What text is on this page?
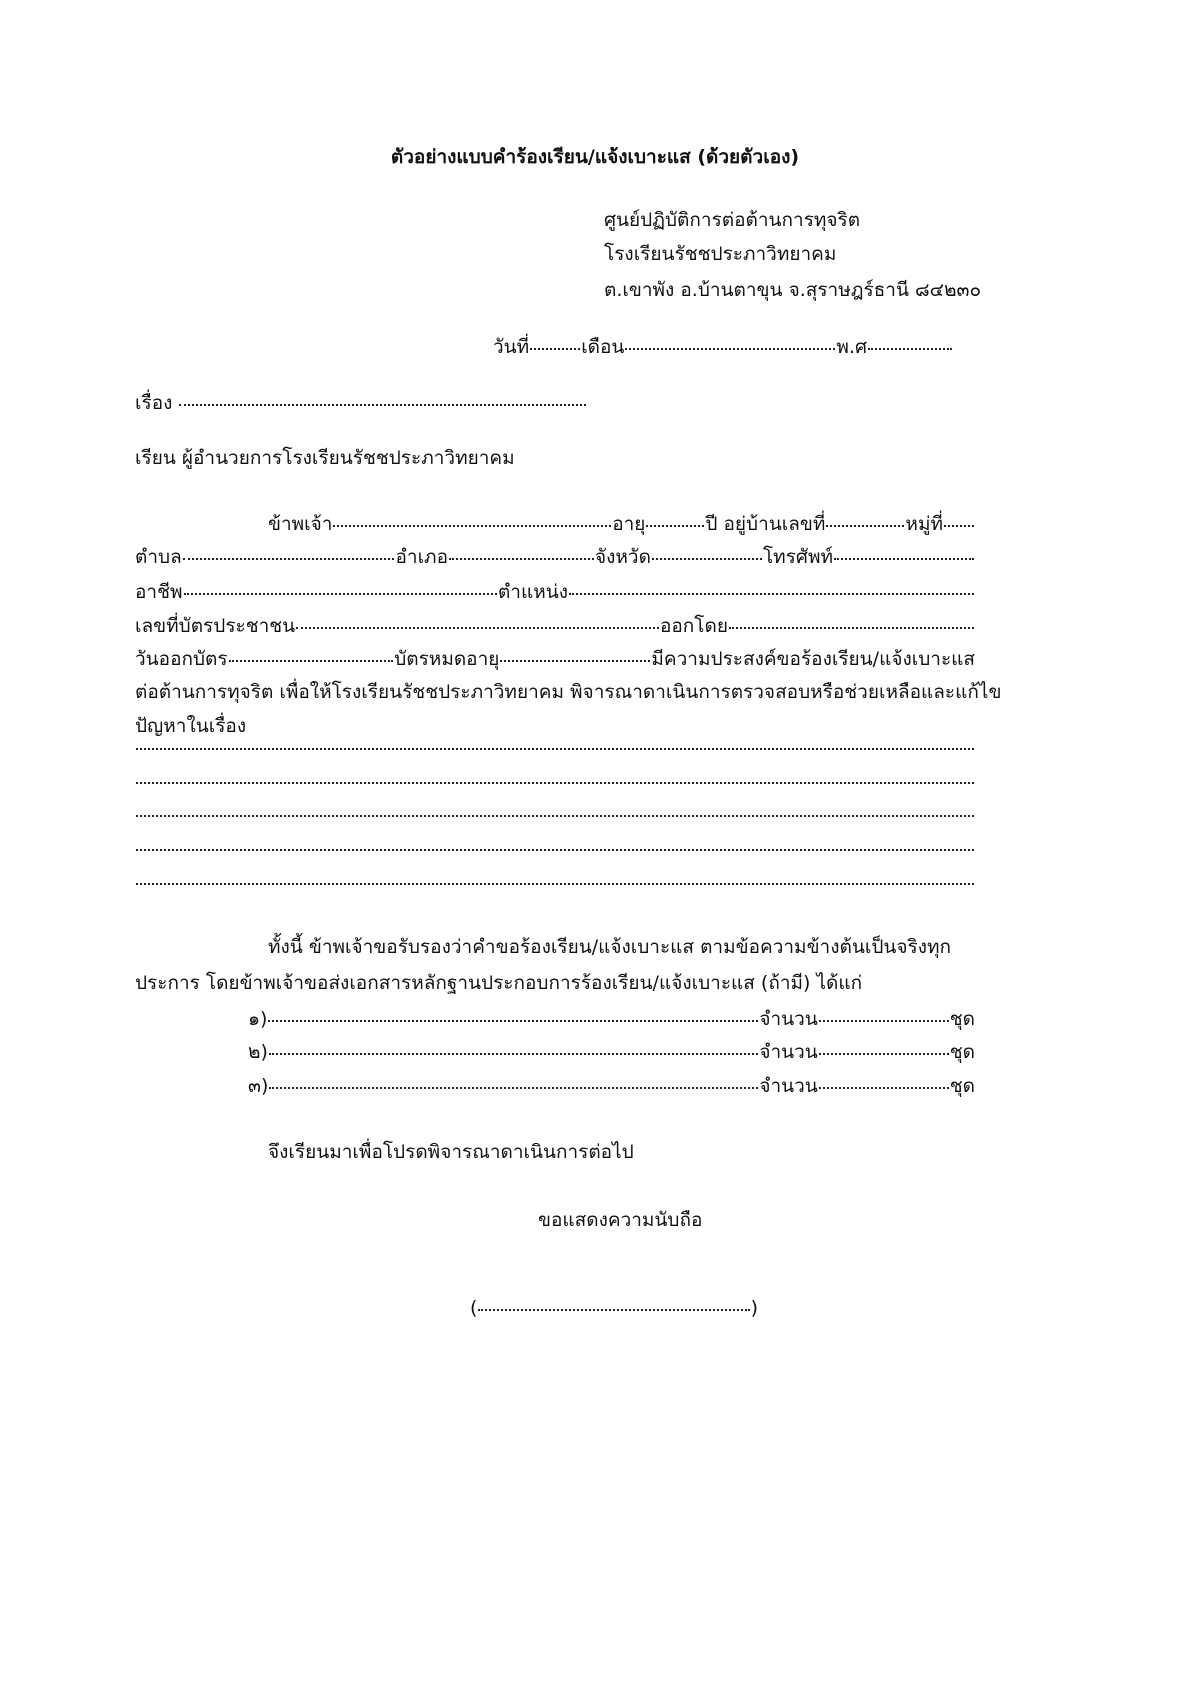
ตัวอย่างแบบคำร้องเรียน/แจ้งเบาะแส (ด้วยตัวเอง)
ศูนย์ปฏิบัติการต่อต้านการทุจริต
โรงเรียนรัชชประภาวิทยาคม
ต.เขาพัง อ.บ้านตาขุน จ.สุราษฎร์ธานี ๘๔๒๓๐
วันที่	เดือน	พ.ศ
เรื่อง

เรียน ผู้อำนวยการโรงเรียนรัชชประภาวิทยาคม
ข้าพเจ้า	อายุ	ปี อยู่บ้านเลขที่	หมู่ที่
ตำบล	อำเภอ	จังหวัด	โทรศัพท์
อาชีพ	ตำแหน่ง
เลขที่บัตรประชาชน	ออกโดย
วันออกบัตร	บัตรหมดอายุ	มีความประสงค์ขอร้องเรียน/แจ้งเบาะแส
ต่อต้านการทุจริต เพื่อให้โรงเรียนรัชชประภาวิทยาคม พิจารณาดาเนินการตรวจสอบหรือช่วยเหลือและแก้ไข
ปัญหาในเรื่อง
ทั้งนี้ ข้าพเจ้าขอรับรองว่าคำขอร้องเรียน/แจ้งเบาะแส ตามข้อความข้างต้นเป็นจริงทุก
ประการ โดยข้าพเจ้าขอส่งเอกสารหลักฐานประกอบการร้องเรียน/แจ้งเบาะแส (ถ้ามี) ได้แก่
๑)	จำนวน	ชุด
๒)	จำนวน	ชุด
๓)	จำนวน	ชุด
จึงเรียนมาเพื่อโปรดพิจารณาดาเนินการต่อไป
ขอแสดงความนับถือ
(	)
